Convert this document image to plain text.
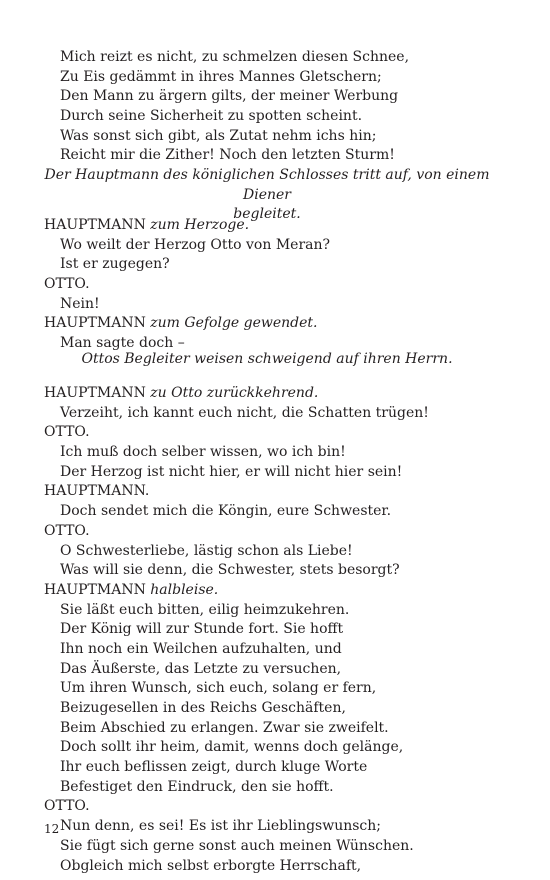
Mich reizt es nicht, zu schmelzen diesen Schnee,
Zu Eis gedämmt in ihres Mannes Gletschern;
Den Mann zu ärgern gilts, der meiner Werbung
Durch seine Sicherheit zu spotten scheint.
Was sonst sich gibt, als Zutat nehm ichs hin;
Reicht mir die Zither! Noch den letzten Sturm!
Der Hauptmann des königlichen Schlosses tritt auf, von einem Diener
begleitet.
HAUPTMANN zum Herzoge.
Wo weilt der Herzog Otto von Meran?
Ist er zugegen?
OTTO.
Nein!
HAUPTMANN zum Gefolge gewendet.
Man sagte doch –
Ottos Begleiter weisen schweigend auf ihren Herrn.
HAUPTMANN zu Otto zurückkehrend.
Verzeiht, ich kannt euch nicht, die Schatten trügen!
OTTO.
Ich muß doch selber wissen, wo ich bin!
Der Herzog ist nicht hier, er will nicht hier sein!
HAUPTMANN.
Doch sendet mich die Köngin, eure Schwester.
OTTO.
O Schwesterliebe, lästig schon als Liebe!
Was will sie denn, die Schwester, stets besorgt?
HAUPTMANN halbleise.
Sie läßt euch bitten, eilig heimzukehren.
Der König will zur Stunde fort. Sie hofft
Ihn noch ein Weilchen aufzuhalten, und
Das Äußerste, das Letzte zu versuchen,
Um ihren Wunsch, sich euch, solang er fern,
Beizugesellen in des Reichs Geschäften,
Beim Abschied zu erlangen. Zwar sie zweifelt.
Doch sollt ihr heim, damit, wenns doch gelänge,
Ihr euch beflissen zeigt, durch kluge Worte
Befestiget den Eindruck, den sie hofft.
OTTO.
Nun denn, es sei! Es ist ihr Lieblingswunsch;
Sie fügt sich gerne sonst auch meinen Wünschen.
Obgleich mich selbst erborgte Herrschaft,
12
